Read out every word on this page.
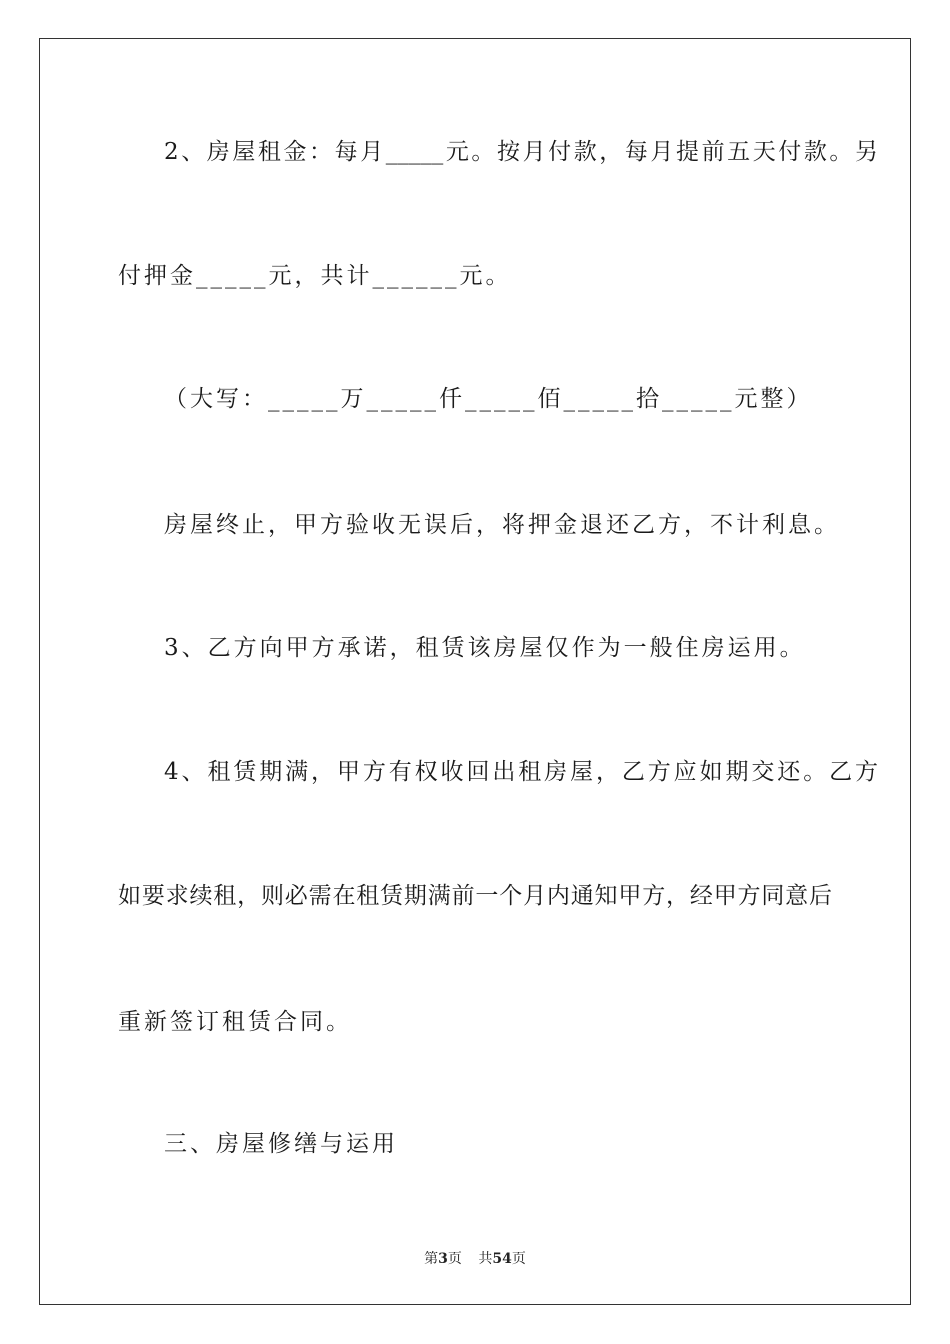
2、房屋租金：每月_____元。按月付款，每月提前五天付款。另
付押金_____元，共计______元。
（大写：_____万_____仟_____佰_____拾_____元整）
房屋终止，甲方验收无误后，将押金退还乙方，不计利息。
3、乙方向甲方承诺，租赁该房屋仅作为一般住房运用。
4、租赁期满，甲方有权收回出租房屋，乙方应如期交还。乙方
如要求续租，则必需在租赁期满前一个月内通知甲方，经甲方同意后
重新签订租赁合同。
三、房屋修缮与运用
第3页 共54页
